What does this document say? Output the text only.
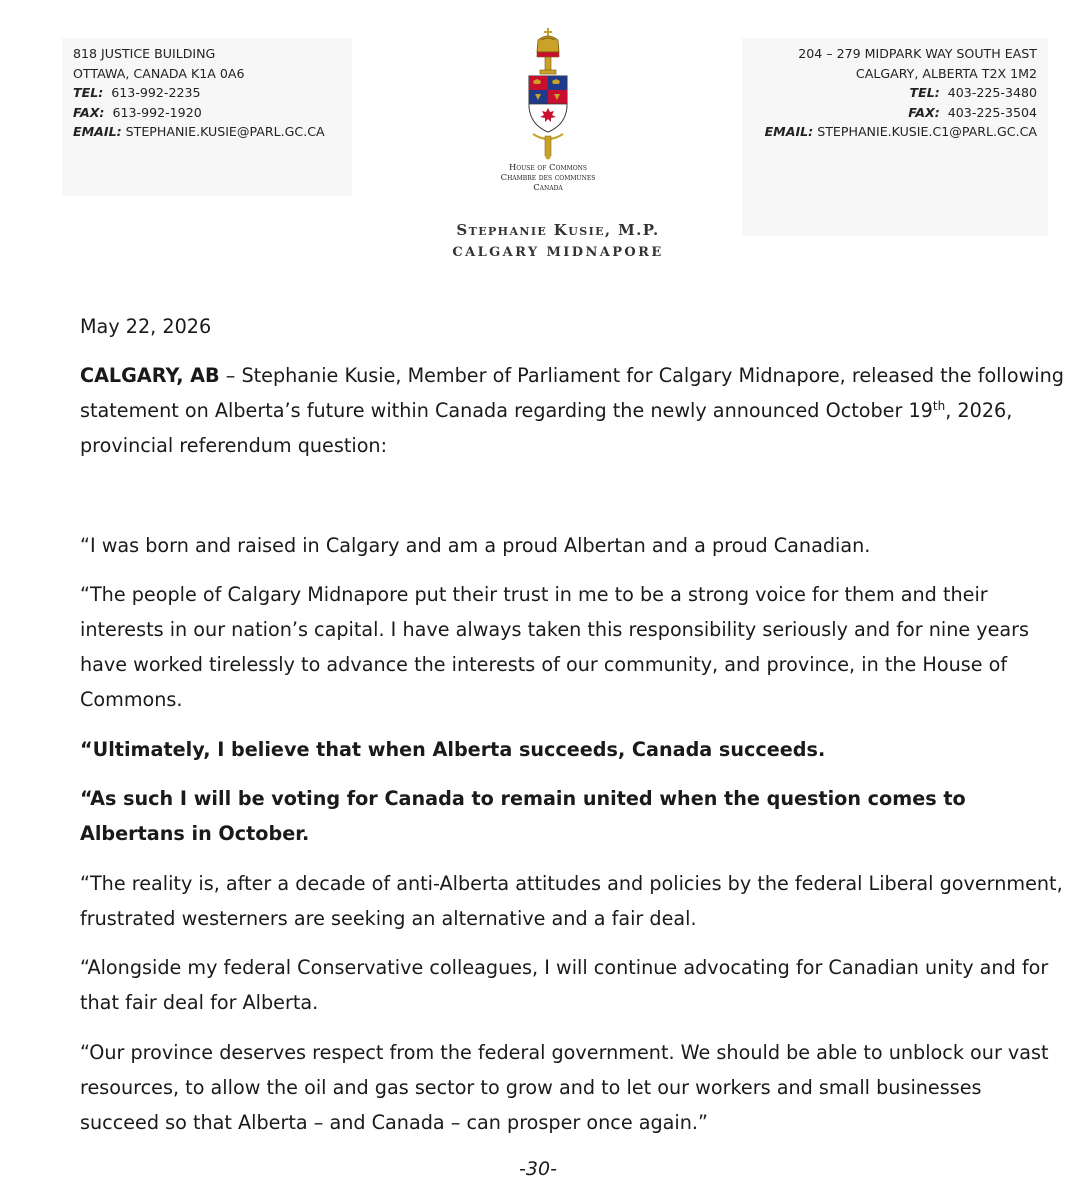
818 JUSTICE BUILDING
OTTAWA, CANADA K1A 0A6
TEL: 613-992-2235
FAX: 613-992-1920
EMAIL: STEPHANIE.KUSIE@PARL.GC.CA
204 – 279 MIDPARK WAY SOUTH EAST
CALGARY, ALBERTA T2X 1M2
TEL: 403-225-3480
FAX: 403-225-3504
EMAIL: STEPHANIE.KUSIE.C1@PARL.GC.CA
House of Commons
Chambre des communes
Canada
Stephanie Kusie, M.P.
CALGARY MIDNAPORE
May 22, 2026
CALGARY, AB – Stephanie Kusie, Member of Parliament for Calgary Midnapore, released the following statement on Alberta’s future within Canada regarding the newly announced October 19th, 2026, provincial referendum question:
“I was born and raised in Calgary and am a proud Albertan and a proud Canadian.
“The people of Calgary Midnapore put their trust in me to be a strong voice for them and their interests in our nation’s capital. I have always taken this responsibility seriously and for nine years have worked tirelessly to advance the interests of our community, and province, in the House of Commons.
“Ultimately, I believe that when Alberta succeeds, Canada succeeds.
“As such I will be voting for Canada to remain united when the question comes to Albertans in October.
“The reality is, after a decade of anti-Alberta attitudes and policies by the federal Liberal government, frustrated westerners are seeking an alternative and a fair deal.
“Alongside my federal Conservative colleagues, I will continue advocating for Canadian unity and for that fair deal for Alberta.
“Our province deserves respect from the federal government. We should be able to unblock our vast resources, to allow the oil and gas sector to grow and to let our workers and small businesses succeed so that Alberta – and Canada – can prosper once again.”
-30-
